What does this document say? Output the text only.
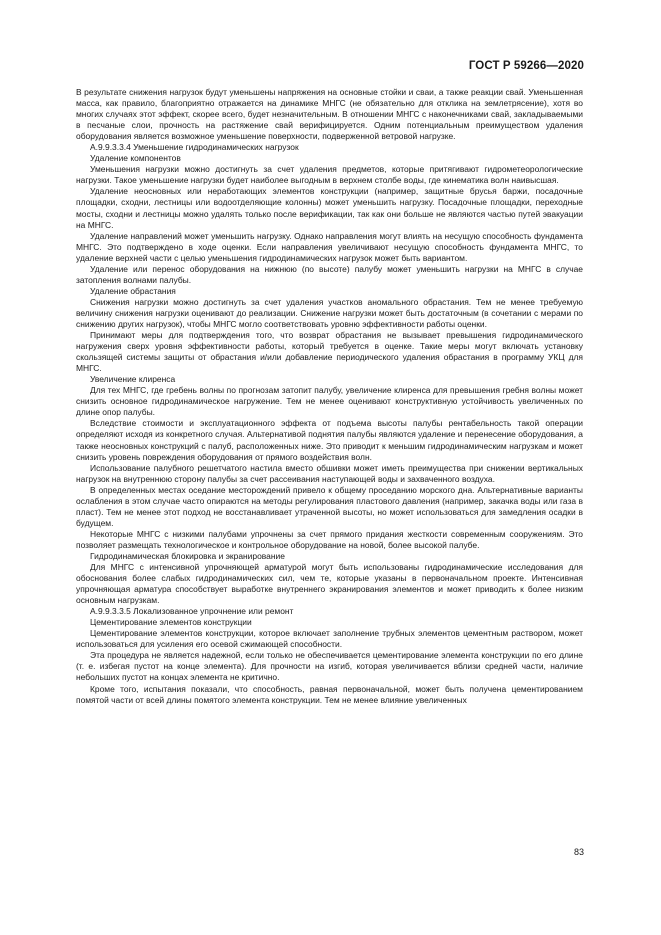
ГОСТ Р 59266—2020

В результате снижения нагрузок будут уменьшены напряжения на основные стойки и сваи, а также реакции свай. Уменьшенная масса, как правило, благоприятно отражается на динамике МНГС (не обязательно для отклика на землетрясение), хотя во многих случаях этот эффект, скорее всего, будет незначительным. В отношении МНГС с наконечниками свай, закладываемыми в песчаные слои, прочность на растяжение свай верифицируется. Одним потенциальным преимуществом удаления оборудования является возможное уменьшение поверхности, подверженной ветровой нагрузке.

А.9.9.3.3.4 Уменьшение гидродинамических нагрузок

Удаление компонентов

Уменьшения нагрузки можно достигнуть за счет удаления предметов, которые притягивают гидрометеорологические нагрузки. Такое уменьшение нагрузки будет наиболее выгодным в верхнем столбе воды, где кинематика волн наивысшая.

Удаление неосновных или неработающих элементов конструкции (например, защитные брусья баржи, посадочные площадки, сходни, лестницы или водоотделяющие колонны) может уменьшить нагрузку. Посадочные площадки, переходные мосты, сходни и лестницы можно удалять только после верификации, так как они больше не являются частью путей эвакуации на МНГС.

Удаление направлений может уменьшить нагрузку. Однако направления могут влиять на несущую способность фундамента МНГС. Это подтверждено в ходе оценки. Если направления увеличивают несущую способность фундамента МНГС, то удаление верхней части с целью уменьшения гидродинамических нагрузок может быть вариантом.

Удаление или перенос оборудования на нижнюю (по высоте) палубу может уменьшить нагрузки на МНГС в случае затопления волнами палубы.

Удаление обрастания

Снижения нагрузки можно достигнуть за счет удаления участков аномального обрастания. Тем не менее требуемую величину снижения нагрузки оценивают до реализации. Снижение нагрузки может быть достаточным (в сочетании с мерами по снижению других нагрузок), чтобы МНГС могло соответствовать уровню эффективности работы оценки.

Принимают меры для подтверждения того, что возврат обрастания не вызывает превышения гидродинамического нагружения сверх уровня эффективности работы, который требуется в оценке. Такие меры могут включать установку скользящей системы защиты от обрастания и/или добавление периодического удаления обрастания в программу УКЦ для МНГС.

Увеличение клиренса

Для тех МНГС, где гребень волны по прогнозам затопит палубу, увеличение клиренса для превышения гребня волны может снизить основное гидродинамическое нагружение. Тем не менее оценивают конструктивную устойчивость увеличенных по длине опор палубы.

Вследствие стоимости и эксплуатационного эффекта от подъема высоты палубы рентабельность такой операции определяют исходя из конкретного случая. Альтернативой поднятия палубы являются удаление и перенесение оборудования, а также неосновных конструкций с палуб, расположенных ниже. Это приводит к меньшим гидродинамическим нагрузкам и может снизить уровень повреждения оборудования от прямого воздействия волн.

Использование палубного решетчатого настила вместо обшивки может иметь преимущества при снижении вертикальных нагрузок на внутреннюю сторону палубы за счет рассеивания наступающей воды и захваченного воздуха.

В определенных местах оседание месторождений привело к общему проседанию морского дна. Альтернативные варианты ослабления в этом случае часто опираются на методы регулирования пластового давления (например, закачка воды или газа в пласт). Тем не менее этот подход не восстанавливает утраченной высоты, но может использоваться для замедления осадки в будущем.

Некоторые МНГС с низкими палубами упрочнены за счет прямого придания жесткости современным сооружениям. Это позволяет размещать технологическое и контрольное оборудование на новой, более высокой палубе.

Гидродинамическая блокировка и экранирование

Для МНГС с интенсивной упрочняющей арматурой могут быть использованы гидродинамические исследования для обоснования более слабых гидродинамических сил, чем те, которые указаны в первоначальном проекте. Интенсивная упрочняющая арматура способствует выработке внутреннего экранирования элементов и может приводить к более низким основным нагрузкам.

А.9.9.3.3.5 Локализованное упрочнение или ремонт

Цементирование элементов конструкции

Цементирование элементов конструкции, которое включает заполнение трубных элементов цементным раствором, может использоваться для усиления его осевой сжимающей способности.

Эта процедура не является надежной, если только не обеспечивается цементирование элемента конструкции по его длине (т. е. избегая пустот на конце элемента). Для прочности на изгиб, которая увеличивается вблизи средней части, наличие небольших пустот на концах элемента не критично.

Кроме того, испытания показали, что способность, равная первоначальной, может быть получена цементированием помятой части от всей длины помятого элемента конструкции. Тем не менее влияние увеличенных

83
